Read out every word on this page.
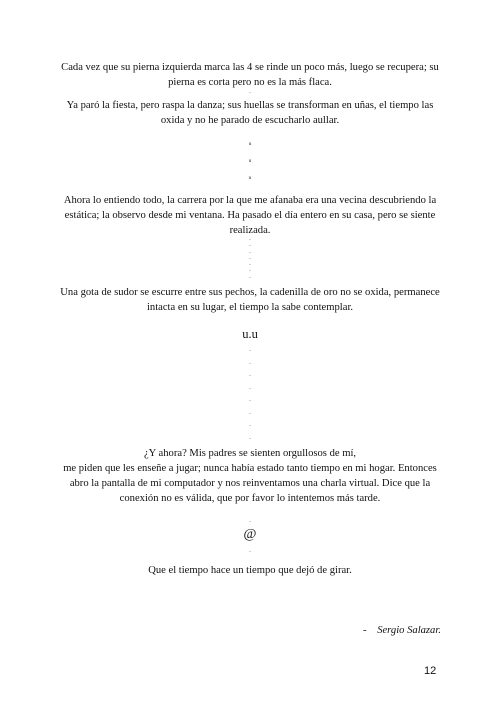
Cada vez que su pierna izquierda marca las 4 se rinde un poco más, luego se recupera; su pierna es corta pero no es la más flaca.

.

Ya paró la fiesta, pero raspa la danza; sus huellas se transforman en uñas, el tiempo las oxida y no he parado de escucharlo aullar.

u
u
u

Ahora lo entiendo todo, la carrera por la que me afanaba era una vecina descubriendo la estática; la observo desde mi ventana. Ha pasado el día entero en su casa, pero se siente realizada.

.
.
.
.
.
.
.

Una gota de sudor se escurre entre sus pechos, la cadenilla de oro no se oxida, permanece intacta en su lugar, el tiempo la sabe contemplar.

u.u
.
.
.
.
.
.
.
.

¿Y ahora? Mis padres se sienten orgullosos de mí,

me piden que les enseñe a jugar; nunca había estado tanto tiempo en mi hogar. Entonces abro la pantalla de mi computador y nos reinventamos una charla virtual. Dice que la conexión no es válida, que por favor lo intentemos más tarde.

.
@
.

Que el tiempo hace un tiempo que dejó de girar.

- Sergio Salazar.
12
